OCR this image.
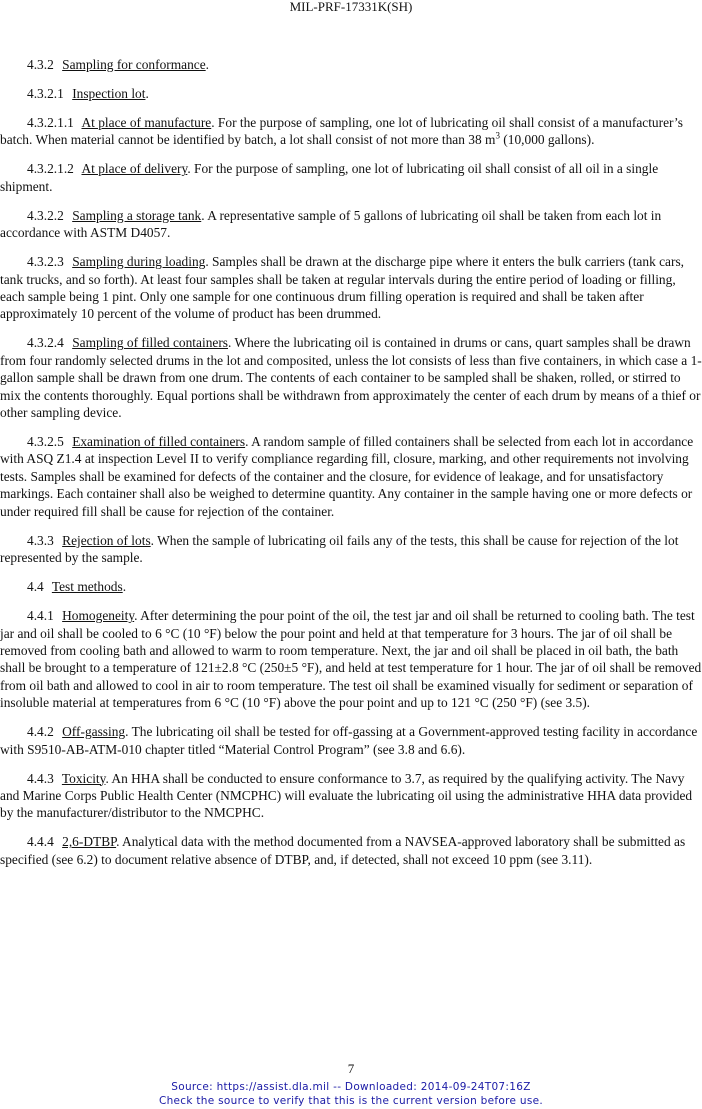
MIL-PRF-17331K(SH)

4.3.2 Sampling for conformance.

4.3.2.1 Inspection lot.

4.3.2.1.1 At place of manufacture. For the purpose of sampling, one lot of lubricating oil shall consist of a manufacturer’s batch. When material cannot be identified by batch, a lot shall consist of not more than 38 $m^3$ (10,000 gallons).

4.3.2.1.2 At place of delivery. For the purpose of sampling, one lot of lubricating oil shall consist of all oil in a single shipment.

4.3.2.2 Sampling a storage tank. A representative sample of 5 gallons of lubricating oil shall be taken from each lot in accordance with ASTM D4057.

4.3.2.3 Sampling during loading. Samples shall be drawn at the discharge pipe where it enters the bulk carriers (tank cars, tank trucks, and so forth). At least four samples shall be taken at regular intervals during the entire period of loading or filling, each sample being 1 pint. Only one sample for one continuous drum filling operation is required and shall be taken after approximately 10 percent of the volume of product has been drummed.

4.3.2.4 Sampling of filled containers. Where the lubricating oil is contained in drums or cans, quart samples shall be drawn from four randomly selected drums in the lot and composited, unless the lot consists of less than five containers, in which case a 1-gallon sample shall be drawn from one drum. The contents of each container to be sampled shall be shaken, rolled, or stirred to mix the contents thoroughly. Equal portions shall be withdrawn from approximately the center of each drum by means of a thief or other sampling device.

4.3.2.5 Examination of filled containers. A random sample of filled containers shall be selected from each lot in accordance with ASQ Z1.4 at inspection Level II to verify compliance regarding fill, closure, marking, and other requirements not involving tests. Samples shall be examined for defects of the container and the closure, for evidence of leakage, and for unsatisfactory markings. Each container shall also be weighed to determine quantity. Any container in the sample having one or more defects or under required fill shall be cause for rejection of the container.

4.3.3 Rejection of lots. When the sample of lubricating oil fails any of the tests, this shall be cause for rejection of the lot represented by the sample.

4.4 Test methods.

4.4.1 Homogeneity. After determining the pour point of the oil, the test jar and oil shall be returned to cooling bath. The test jar and oil shall be cooled to 6 °C (10 °F) below the pour point and held at that temperature for 3 hours. The jar of oil shall be removed from cooling bath and allowed to warm to room temperature. Next, the jar and oil shall be placed in oil bath, the bath shall be brought to a temperature of 121±2.8 °C (250±5 °F), and held at test temperature for 1 hour. The jar of oil shall be removed from oil bath and allowed to cool in air to room temperature. The test oil shall be examined visually for sediment or separation of insoluble material at temperatures from 6 °C (10 °F) above the pour point and up to 121 °C (250 °F) (see 3.5).

4.4.2 Off-gassing. The lubricating oil shall be tested for off-gassing at a Government-approved testing facility in accordance with S9510-AB-ATM-010 chapter titled “Material Control Program” (see 3.8 and 6.6).

4.4.3 Toxicity. An HHA shall be conducted to ensure conformance to 3.7, as required by the qualifying activity. The Navy and Marine Corps Public Health Center (NMCPHC) will evaluate the lubricating oil using the administrative HHA data provided by the manufacturer/distributor to the NMCPHC.

4.4.4 2,6-DTBP. Analytical data with the method documented from a NAVSEA-approved laboratory shall be submitted as specified (see 6.2) to document relative absence of DTBP, and, if detected, shall not exceed 10 ppm (see 3.11).

7
Source: https://assist.dla.mil -- Downloaded: 2014-09-24T07:16Z
Check the source to verify that this is the current version before use.
